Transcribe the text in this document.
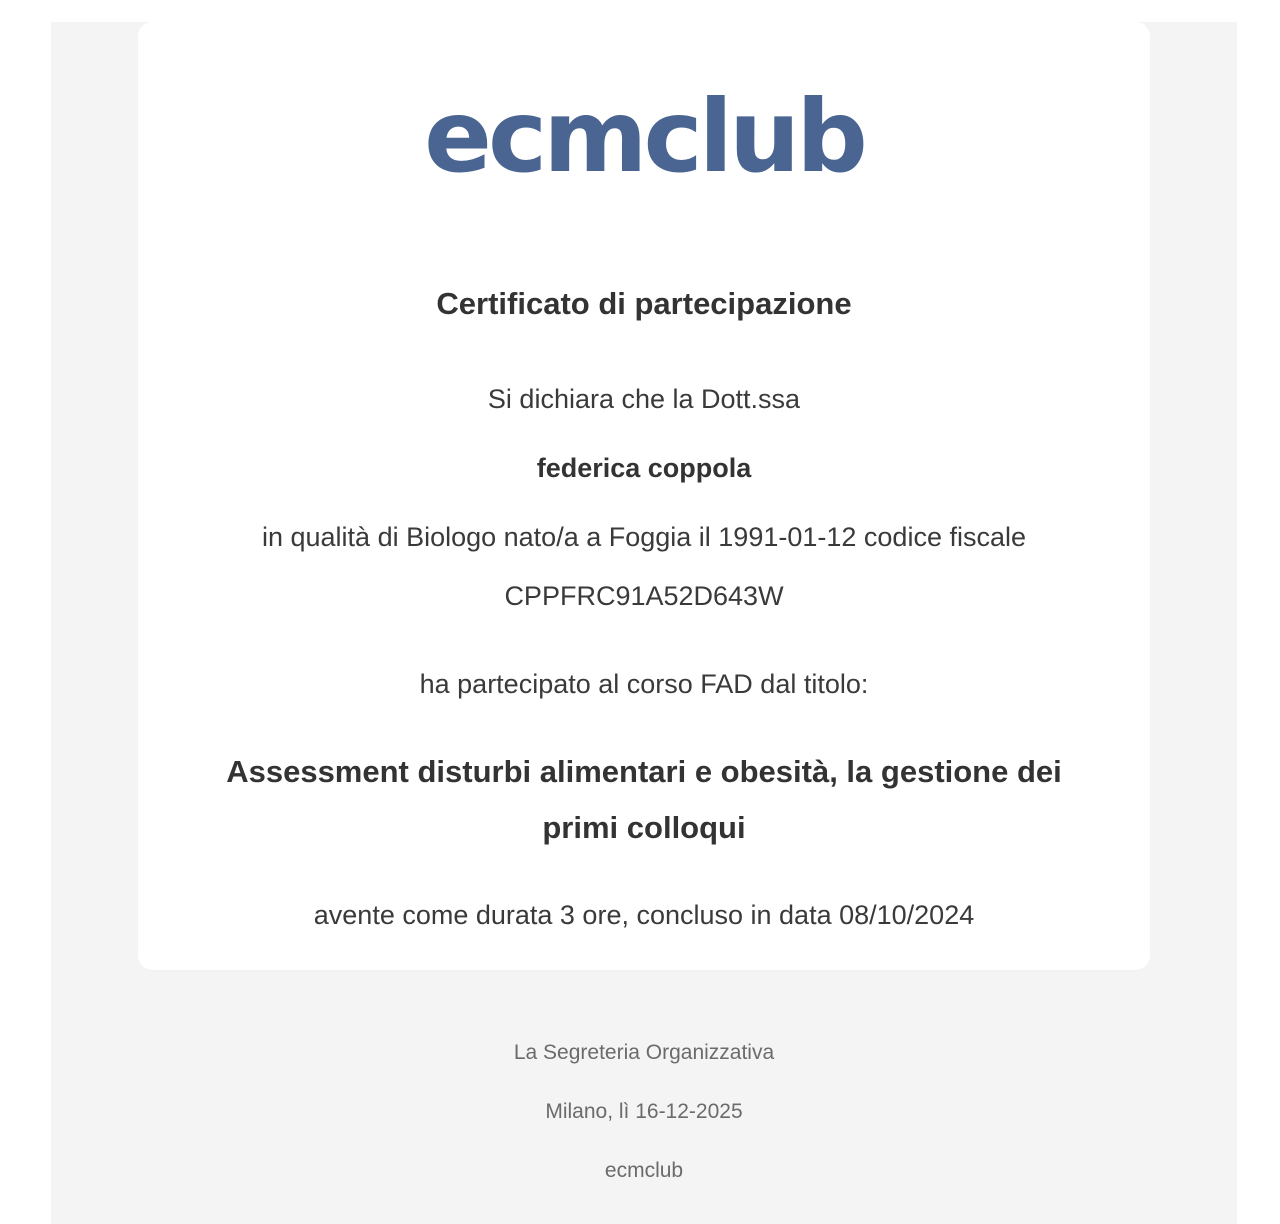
ecmclub
Certificato di partecipazione
Si dichiara che la Dott.ssa
federica coppola
in qualità di Biologo nato/a a Foggia il 1991-01-12 codice fiscale
CPPFRC91A52D643W
ha partecipato al corso FAD dal titolo:
Assessment disturbi alimentari e obesità, la gestione dei primi colloqui
avente come durata 3 ore, concluso in data 08/10/2024
La Segreteria Organizzativa
Milano, lì 16-12-2025
ecmclub
